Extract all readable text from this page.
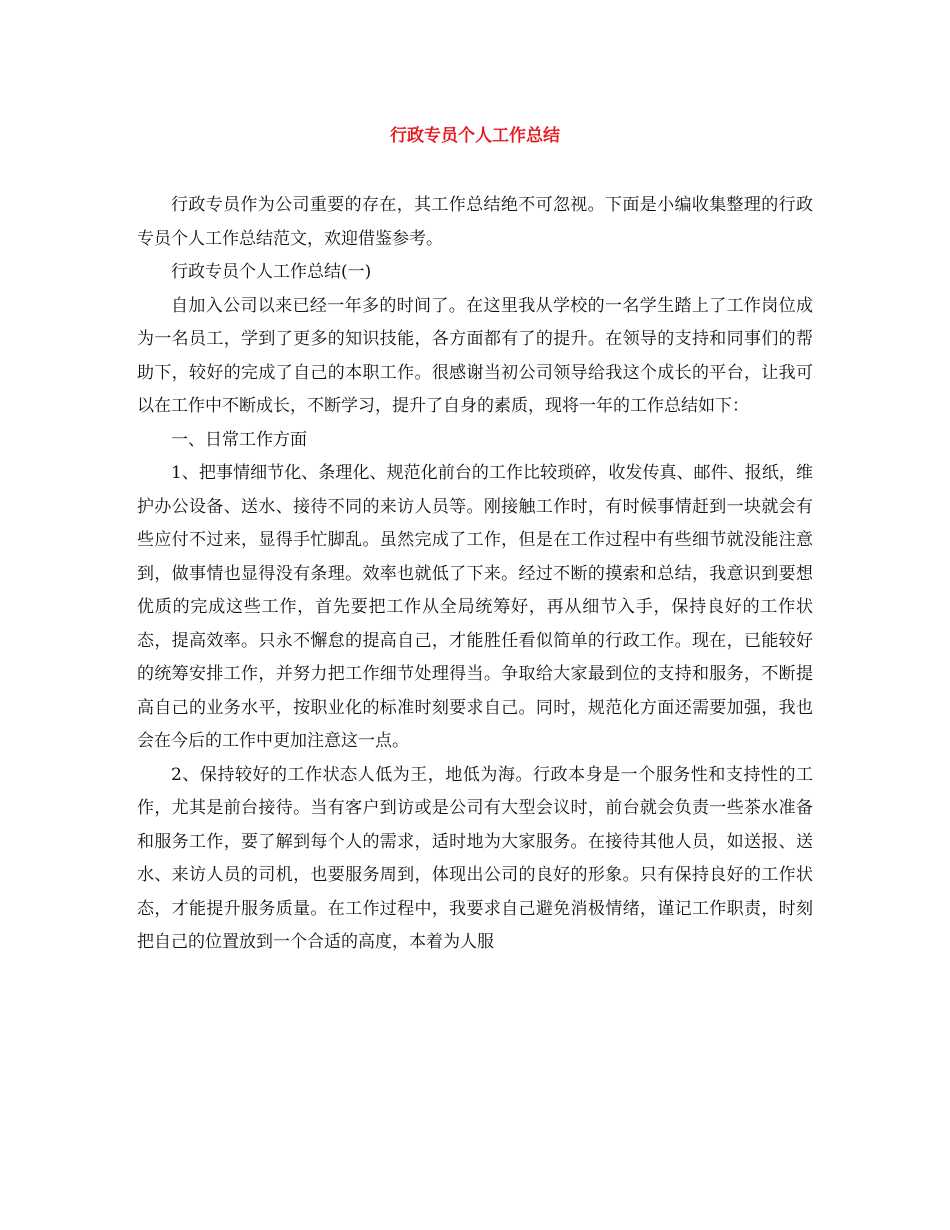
行政专员个人工作总结

行政专员作为公司重要的存在，其工作总结绝不可忽视。下面是小编收集整理的行政专员个人工作总结范文，欢迎借鉴参考。

行政专员个人工作总结(一)

自加入公司以来已经一年多的时间了。在这里我从学校的一名学生踏上了工作岗位成为一名员工，学到了更多的知识技能，各方面都有了的提升。在领导的支持和同事们的帮助下，较好的完成了自己的本职工作。很感谢当初公司领导给我这个成长的平台，让我可以在工作中不断成长，不断学习，提升了自身的素质，现将一年的工作总结如下：

一、日常工作方面

1、把事情细节化、条理化、规范化前台的工作比较琐碎，收发传真、邮件、报纸，维护办公设备、送水、接待不同的来访人员等。刚接触工作时，有时候事情赶到一块就会有些应付不过来，显得手忙脚乱。虽然完成了工作，但是在工作过程中有些细节就没能注意到，做事情也显得没有条理。效率也就低了下来。经过不断的摸索和总结，我意识到要想优质的完成这些工作，首先要把工作从全局统筹好，再从细节入手，保持良好的工作状态，提高效率。只永不懈怠的提高自己，才能胜任看似简单的行政工作。现在，已能较好的统筹安排工作，并努力把工作细节处理得当。争取给大家最到位的支持和服务，不断提高自己的业务水平，按职业化的标准时刻要求自己。同时，规范化方面还需要加强，我也会在今后的工作中更加注意这一点。

2、保持较好的工作状态人低为王，地低为海。行政本身是一个服务性和支持性的工作，尤其是前台接待。当有客户到访或是公司有大型会议时，前台就会负责一些茶水准备和服务工作，要了解到每个人的需求，适时地为大家服务。在接待其他人员，如送报、送水、来访人员的司机，也要服务周到，体现出公司的良好的形象。只有保持良好的工作状态，才能提升服务质量。在工作过程中，我要求自己避免消极情绪，谨记工作职责，时刻把自己的位置放到一个合适的高度，本着为人服
